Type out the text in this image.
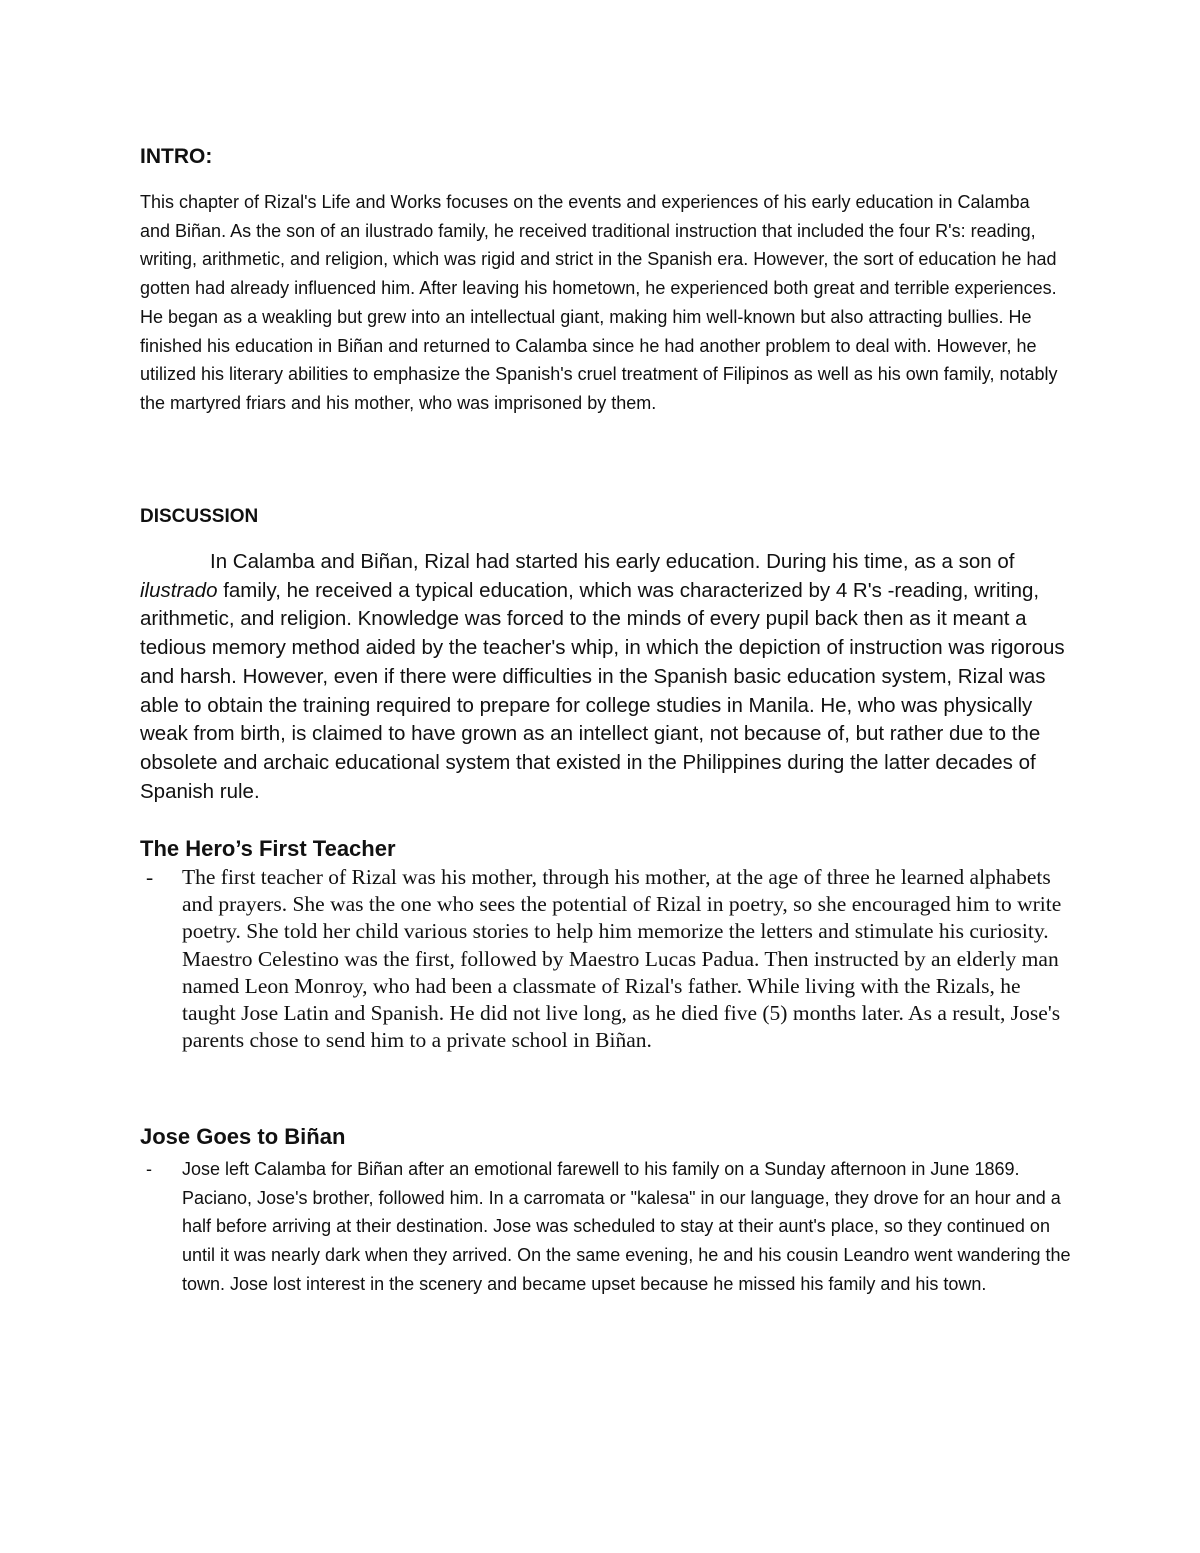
INTRO:

This chapter of Rizal's Life and Works focuses on the events and experiences of his early education in Calamba and Biñan. As the son of an ilustrado family, he received traditional instruction that included the four R's: reading, writing, arithmetic, and religion, which was rigid and strict in the Spanish era. However, the sort of education he had gotten had already influenced him. After leaving his hometown, he experienced both great and terrible experiences. He began as a weakling but grew into an intellectual giant, making him well-known but also attracting bullies. He finished his education in Biñan and returned to Calamba since he had another problem to deal with. However, he utilized his literary abilities to emphasize the Spanish's cruel treatment of Filipinos as well as his own family, notably the martyred friars and his mother, who was imprisoned by them.

DISCUSSION

In Calamba and Biñan, Rizal had started his early education. During his time, as a son of ilustrado family, he received a typical education, which was characterized by 4 R's -reading, writing, arithmetic, and religion. Knowledge was forced to the minds of every pupil back then as it meant a tedious memory method aided by the teacher's whip, in which the depiction of instruction was rigorous and harsh. However, even if there were difficulties in the Spanish basic education system, Rizal was able to obtain the training required to prepare for college studies in Manila. He, who was physically weak from birth, is claimed to have grown as an intellect giant, not because of, but rather due to the obsolete and archaic educational system that existed in the Philippines during the latter decades of Spanish rule.

The Hero’s First Teacher
- The first teacher of Rizal was his mother, through his mother, at the age of three he learned alphabets and prayers. She was the one who sees the potential of Rizal in poetry, so she encouraged him to write poetry. She told her child various stories to help him memorize the letters and stimulate his curiosity. Maestro Celestino was the first, followed by Maestro Lucas Padua. Then instructed by an elderly man named Leon Monroy, who had been a classmate of Rizal's father. While living with the Rizals, he taught Jose Latin and Spanish. He did not live long, as he died five (5) months later. As a result, Jose's parents chose to send him to a private school in Biñan.

Jose Goes to Biñan
- Jose left Calamba for Biñan after an emotional farewell to his family on a Sunday afternoon in June 1869. Paciano, Jose's brother, followed him. In a carromata or "kalesa" in our language, they drove for an hour and a half before arriving at their destination. Jose was scheduled to stay at their aunt's place, so they continued on until it was nearly dark when they arrived. On the same evening, he and his cousin Leandro went wandering the town. Jose lost interest in the scenery and became upset because he missed his family and his town.
